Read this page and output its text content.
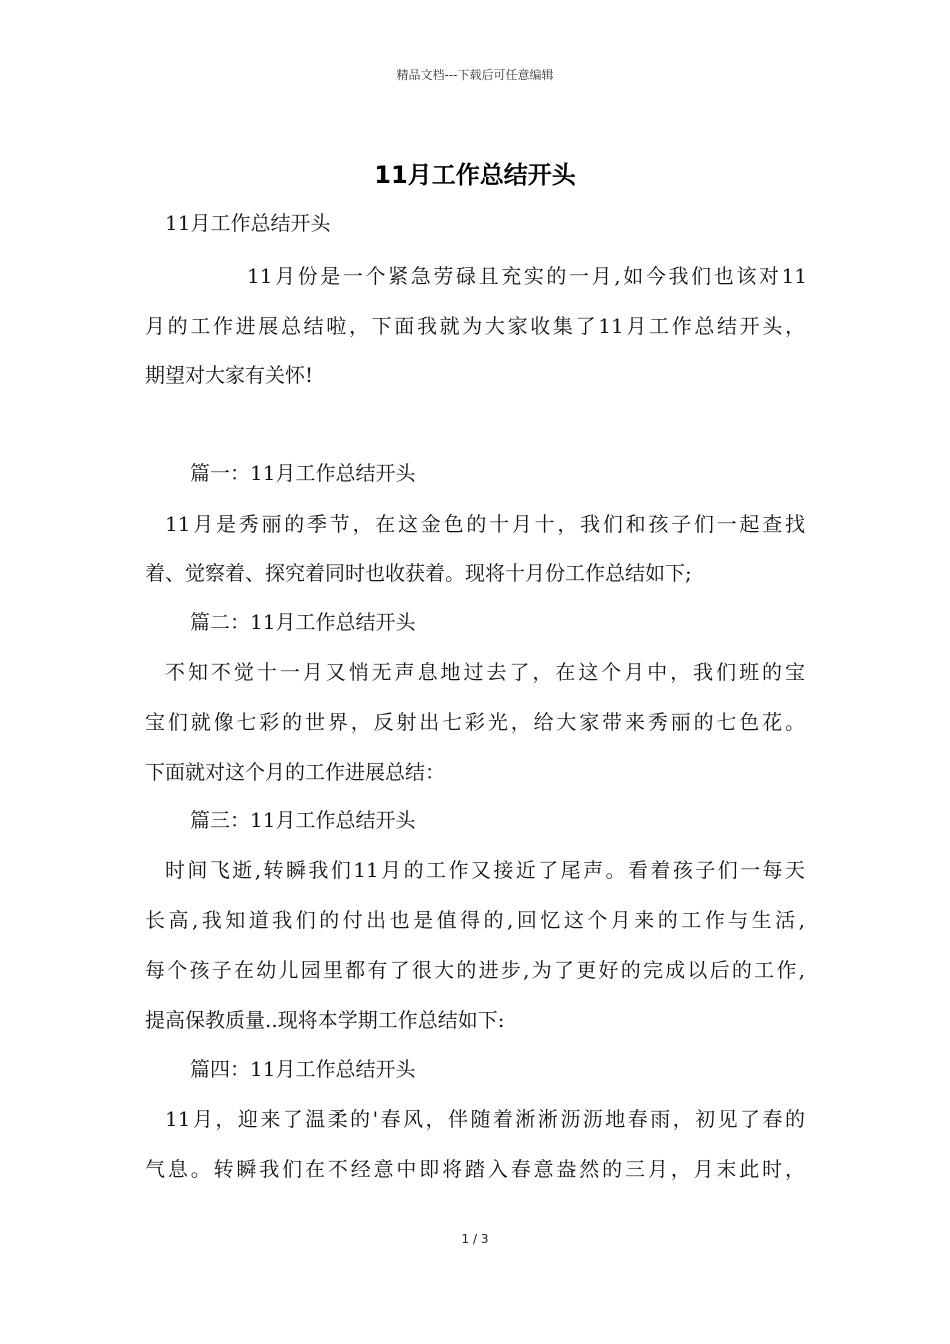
精品文档---下载后可任意编辑
11月工作总结开头
11月工作总结开头
11月份是一个紧急劳碌且充实的一月,如今我们也该对11
月的工作进展总结啦，下面我就为大家收集了11月工作总结开头，
期望对大家有关怀!
篇一：11月工作总结开头
11月是秀丽的季节，在这金色的十月十，我们和孩子们一起查找
着、觉察着、探究着同时也收获着。现将十月份工作总结如下;
篇二：11月工作总结开头
不知不觉十一月又悄无声息地过去了，在这个月中，我们班的宝
宝们就像七彩的世界，反射出七彩光，给大家带来秀丽的七色花。
下面就对这个月的工作进展总结：
篇三：11月工作总结开头
时间飞逝,转瞬我们11月的工作又接近了尾声。看着孩子们一每天
长高,我知道我们的付出也是值得的,回忆这个月来的工作与生活,
每个孩子在幼儿园里都有了很大的进步,为了更好的完成以后的工作,
提高保教质量..现将本学期工作总结如下:
篇四：11月工作总结开头
11月，迎来了温柔的'春风，伴随着淅淅沥沥地春雨，初见了春的
气息。转瞬我们在不经意中即将踏入春意盎然的三月，月末此时，
1 / 3
